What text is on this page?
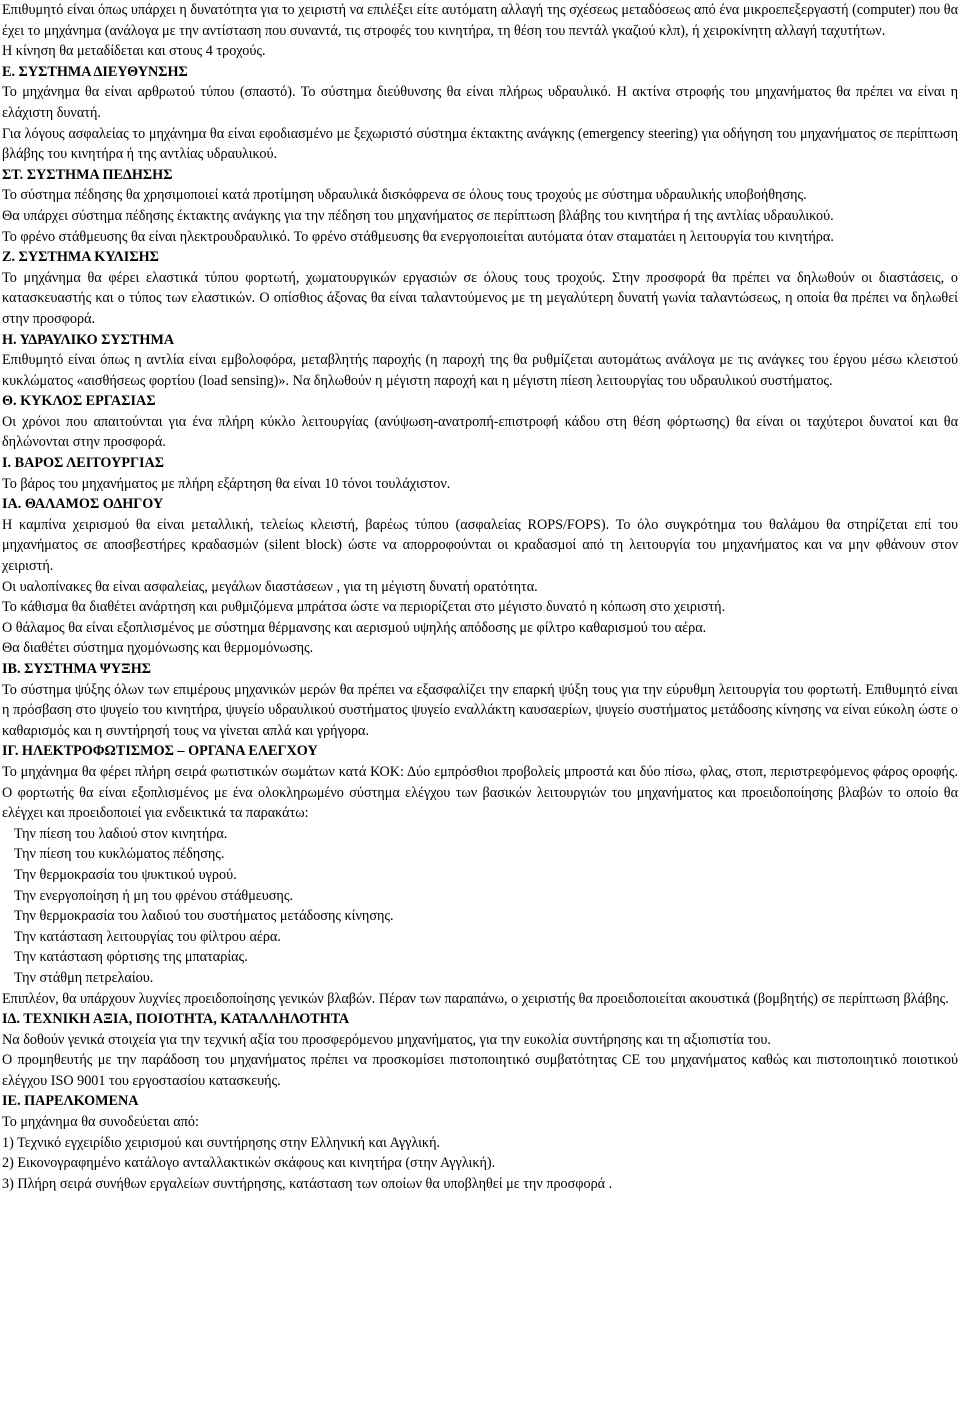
Επιθυμητό είναι όπως υπάρχει η δυνατότητα για το χειριστή να επιλέξει είτε αυτόματη αλλαγή της σχέσεως μεταδόσεως από ένα μικροεπεξεργαστή (computer) που θα έχει το μηχάνημα (ανάλογα με την αντίσταση που συναντά, τις στροφές του κινητήρα, τη θέση του πεντάλ γκαζιού κλπ), ή χειροκίνητη αλλαγή ταχυτήτων.

Η κίνηση θα μεταδίδεται και στους 4 τροχούς.

Ε. ΣΥΣΤΗΜΑ ΔΙΕΥΘΥΝΣΗΣ

Το μηχάνημα θα είναι αρθρωτού τύπου (σπαστό). Το σύστημα διεύθυνσης θα είναι πλήρως υδραυλικό. Η ακτίνα στροφής του μηχανήματος θα πρέπει να είναι η ελάχιστη δυνατή.

Για λόγους ασφαλείας το μηχάνημα θα είναι εφοδιασμένο με ξεχωριστό σύστημα έκτακτης ανάγκης (emergency steering) για οδήγηση του μηχανήματος σε περίπτωση βλάβης του κινητήρα ή της αντλίας υδραυλικού.

ΣΤ. ΣΥΣΤΗΜΑ ΠΕΔΗΣΗΣ

Το σύστημα πέδησης θα χρησιμοποιεί κατά προτίμηση υδραυλικά δισκόφρενα σε όλους τους τροχούς με σύστημα υδραυλικής υποβοήθησης.

Θα υπάρχει σύστημα πέδησης έκτακτης ανάγκης για την πέδηση του μηχανήματος σε περίπτωση βλάβης του κινητήρα ή της αντλίας υδραυλικού.

Το φρένο στάθμευσης θα είναι ηλεκτρουδραυλικό. Το φρένο στάθμευσης θα ενεργοποιείται αυτόματα όταν σταματάει η λειτουργία του κινητήρα.

Ζ. ΣΥΣΤΗΜΑ ΚΥΛΙΣΗΣ

Το μηχάνημα θα φέρει ελαστικά τύπου φορτωτή, χωματουργικών εργασιών σε όλους τους τροχούς. Στην προσφορά θα πρέπει να δηλωθούν οι διαστάσεις, ο κατασκευαστής και ο τύπος των ελαστικών. Ο οπίσθιος άξονας θα είναι ταλαντούμενος με τη μεγαλύτερη δυνατή γωνία ταλαντώσεως, η οποία θα πρέπει να δηλωθεί στην προσφορά.

Η. ΥΔΡΑΥΛΙΚΟ ΣΥΣΤΗΜΑ

Επιθυμητό είναι όπως η αντλία είναι εμβολοφόρα, μεταβλητής παροχής (η παροχή της θα ρυθμίζεται αυτομάτως ανάλογα με τις ανάγκες του έργου μέσω κλειστού κυκλώματος «αισθήσεως φορτίου (load sensing)». Να δηλωθούν η μέγιστη παροχή και η μέγιστη πίεση λειτουργίας του υδραυλικού συστήματος.

Θ. ΚΥΚΛΟΣ ΕΡΓΑΣΙΑΣ

Οι χρόνοι που απαιτούνται για ένα πλήρη κύκλο λειτουργίας (ανύψωση-ανατροπή-επιστροφή κάδου στη θέση φόρτωσης) θα είναι οι ταχύτεροι δυνατοί και θα δηλώνονται στην προσφορά.

Ι. ΒΑΡΟΣ ΛΕΙΤΟΥΡΓΙΑΣ

Το βάρος του μηχανήματος με πλήρη εξάρτηση θα είναι 10 τόνοι τουλάχιστον.

ΙΑ. ΘΑΛΑΜΟΣ ΟΔΗΓΟΥ

Η καμπίνα χειρισμού θα είναι μεταλλική, τελείως κλειστή, βαρέως τύπου (ασφαλείας ROPS/FOPS). Το όλο συγκρότημα του θαλάμου θα στηρίζεται επί του μηχανήματος σε αποσβεστήρες κραδασμών (silent block) ώστε να απορροφούνται οι κραδασμοί από τη λειτουργία του μηχανήματος και να μην φθάνουν στον χειριστή.

Οι υαλοπίνακες θα είναι ασφαλείας, μεγάλων διαστάσεων , για τη μέγιστη δυνατή ορατότητα.

Το κάθισμα θα διαθέτει ανάρτηση και ρυθμιζόμενα μπράτσα ώστε να περιορίζεται στο μέγιστο δυνατό η κόπωση στο χειριστή.

Ο θάλαμος θα είναι εξοπλισμένος με σύστημα θέρμανσης και αερισμού υψηλής απόδοσης με φίλτρο καθαρισμού του αέρα.

Θα διαθέτει σύστημα ηχομόνωσης και θερμομόνωσης.

ΙΒ. ΣΥΣΤΗΜΑ ΨΥΞΗΣ

Το σύστημα ψύξης όλων των επιμέρους μηχανικών μερών θα πρέπει να εξασφαλίζει την επαρκή ψύξη τους για την εύρυθμη λειτουργία του φορτωτή. Επιθυμητό είναι η πρόσβαση στο ψυγείο του κινητήρα, ψυγείο υδραυλικού συστήματος ψυγείο εναλλάκτη καυσαερίων, ψυγείο συστήματος μετάδοσης κίνησης να είναι εύκολη ώστε ο καθαρισμός και η συντήρησή τους να γίνεται απλά και γρήγορα.

ΙΓ. ΗΛΕΚΤΡΟΦΩΤΙΣΜΟΣ – ΟΡΓΑΝΑ ΕΛΕΓΧΟΥ

Το μηχάνημα θα φέρει πλήρη σειρά φωτιστικών σωμάτων κατά ΚΟΚ: Δύο εμπρόσθιοι προβολείς μπροστά και δύο πίσω, φλας, στοπ, περιστρεφόμενος φάρος οροφής. Ο φορτωτής θα είναι εξοπλισμένος με ένα ολοκληρωμένο σύστημα ελέγχου των βασικών λειτουργιών του μηχανήματος και προειδοποίησης βλαβών το οποίο θα ελέγχει και προειδοποιεί για ενδεικτικά τα παρακάτω:

Την πίεση του λαδιού στον κινητήρα.

Την πίεση του κυκλώματος πέδησης.

Την θερμοκρασία του ψυκτικού υγρού.

Την ενεργοποίηση ή μη του φρένου στάθμευσης.

Την θερμοκρασία του λαδιού του συστήματος μετάδοσης κίνησης.

Την κατάσταση λειτουργίας του φίλτρου αέρα.

Την κατάσταση φόρτισης της μπαταρίας.

Την στάθμη πετρελαίου.

Επιπλέον, θα υπάρχουν λυχνίες προειδοποίησης γενικών βλαβών. Πέραν των παραπάνω, ο χειριστής θα προειδοποιείται ακουστικά (βομβητής) σε περίπτωση βλάβης.

ΙΔ. ΤΕΧΝΙΚΗ ΑΞΙΑ, ΠΟΙΟΤΗΤΑ, ΚΑΤΑΛΛΗΛΟΤΗΤΑ

Να δοθούν γενικά στοιχεία για την τεχνική αξία του προσφερόμενου μηχανήματος, για την ευκολία συντήρησης και τη αξιοπιστία του.

Ο προμηθευτής με την παράδοση του μηχανήματος πρέπει να προσκομίσει πιστοποιητικό συμβατότητας CE του μηχανήματος καθώς και πιστοποιητικό ποιοτικού ελέγχου ISO 9001 του εργοστασίου κατασκευής.

ΙΕ. ΠΑΡΕΛΚΟΜΕΝΑ

Το μηχάνημα θα συνοδεύεται από:

1) Τεχνικό εγχειρίδιο χειρισμού και συντήρησης στην Ελληνική και Αγγλική.

2) Εικονογραφημένο κατάλογο ανταλλακτικών σκάφους και κινητήρα (στην Αγγλική).

3) Πλήρη σειρά συνήθων εργαλείων συντήρησης, κατάσταση των οποίων θα υποβληθεί με την προσφορά .
